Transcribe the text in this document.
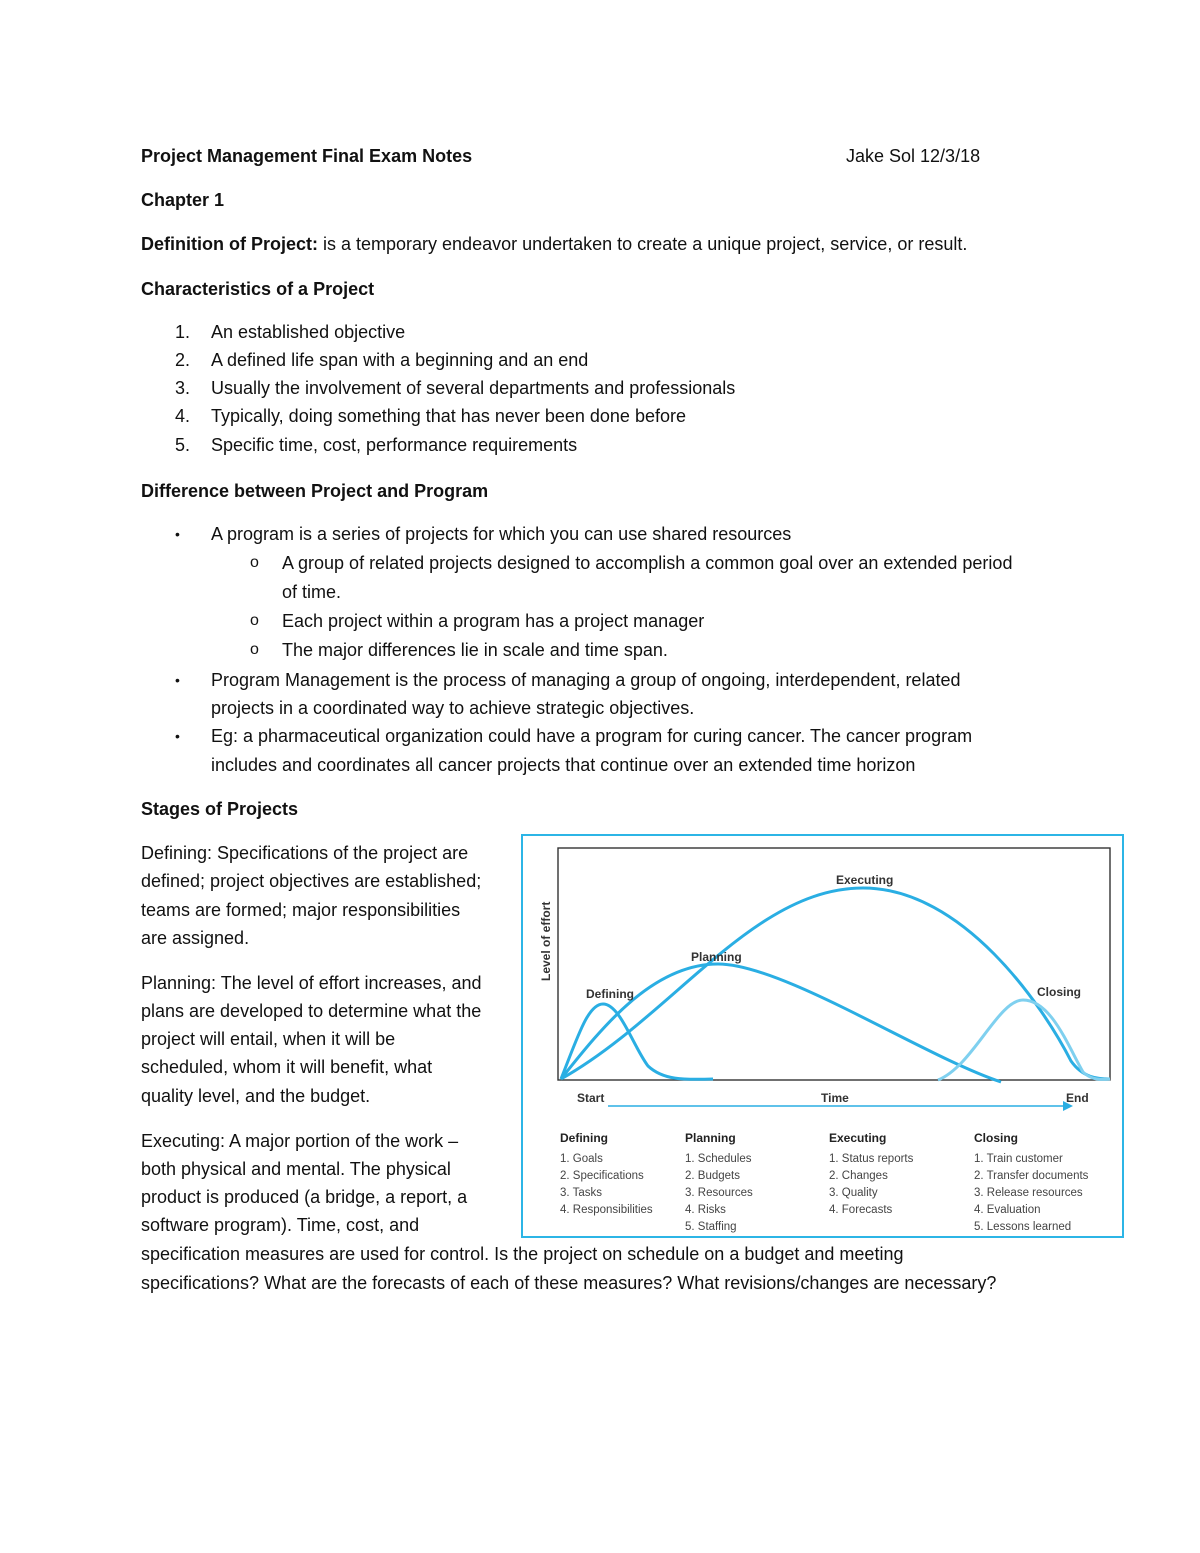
Project Management Final Exam Notes	Jake Sol 12/3/18
Chapter 1
Definition of Project: is a temporary endeavor undertaken to create a unique project, service, or result.
Characteristics of a Project
1. An established objective
2. A defined life span with a beginning and an end
3. Usually the involvement of several departments and professionals
4. Typically, doing something that has never been done before
5. Specific time, cost, performance requirements
Difference between Project and Program
• A program is a series of projects for which you can use shared resources
o A group of related projects designed to accomplish a common goal over an extended period
of time.
o Each project within a program has a project manager
o The major differences lie in scale and time span.
• Program Management is the process of managing a group of ongoing, interdependent, related
projects in a coordinated way to achieve strategic objectives.
• Eg: a pharmaceutical organization could have a program for curing cancer. The cancer program
includes and coordinates all cancer projects that continue over an extended time horizon
Stages of Projects
Defining: Specifications of the project are
defined; project objectives are established;
teams are formed; major responsibilities
are assigned.
Planning: The level of effort increases, and
plans are developed to determine what the
project will entail, when it will be
scheduled, whom it will benefit, what
quality level, and the budget.
Executing: A major portion of the work –
both physical and mental. The physical
product is produced (a bridge, a report, a
software program). Time, cost, and
specification measures are used for control. Is the project on schedule on a budget and meeting
specifications? What are the forecasts of each of these measures? What revisions/changes are necessary?
Level of effort
Defining
Planning
Executing
Closing
Start	Time	End
Defining
1. Goals
2. Specifications
3. Tasks
4. Responsibilities
Planning
1. Schedules
2. Budgets
3. Resources
4. Risks
5. Staffing
Executing
1. Status reports
2. Changes
3. Quality
4. Forecasts
Closing
1. Train customer
2. Transfer documents
3. Release resources
4. Evaluation
5. Lessons learned
